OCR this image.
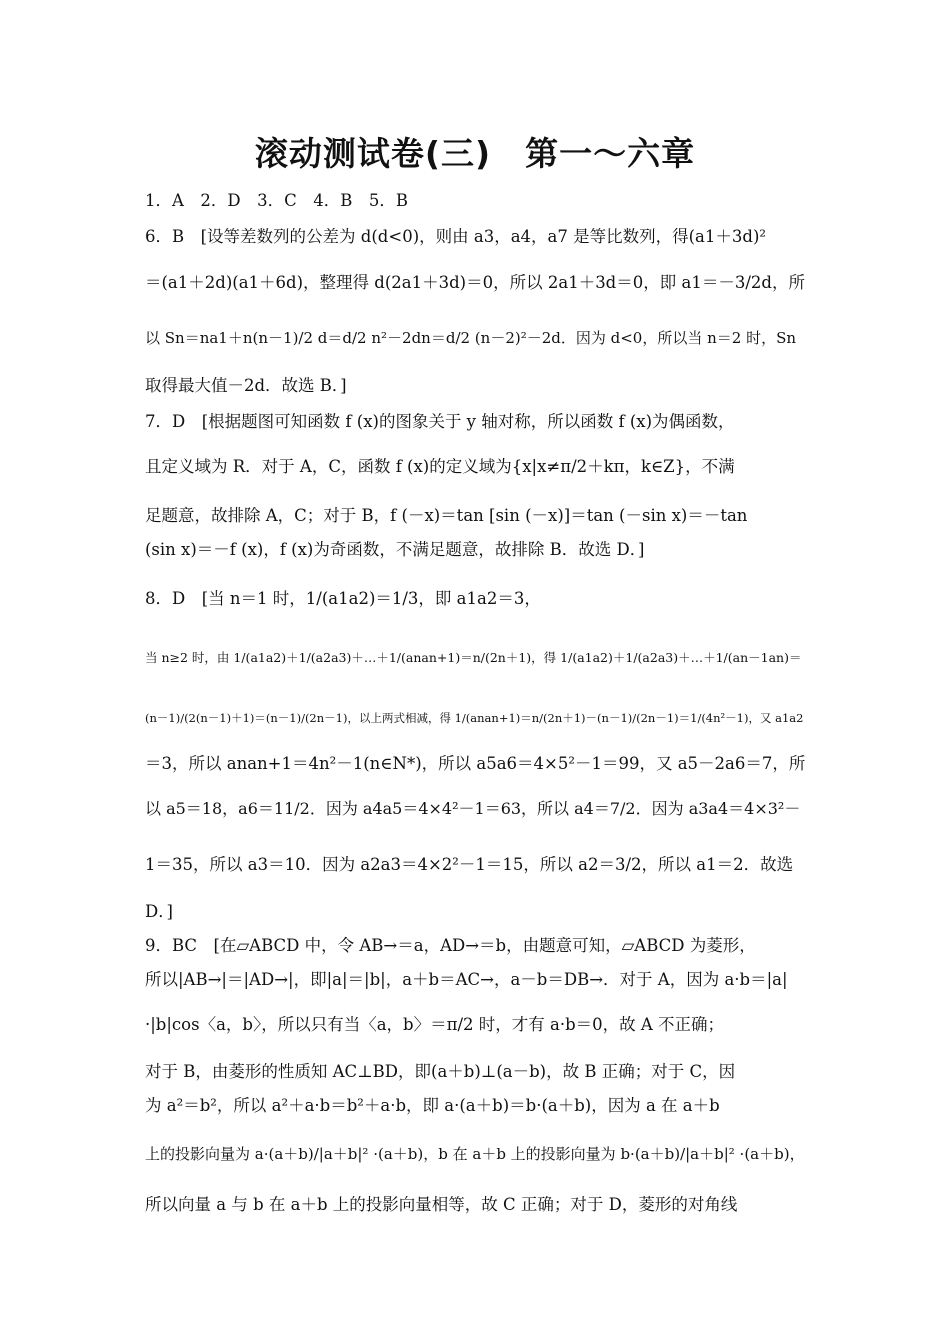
滚动测试卷(三)　第一～六章
1．A　2．D　3．C　4．B　5．B
6．B　[设等差数列的公差为 d(d<0)，则由 a3，a4，a7 是等比数列，得(a1＋3d)²
＝(a1＋2d)(a1＋6d)，整理得 d(2a1＋3d)＝0，所以 2a1＋3d＝0，即 a1＝－3/2d，所
以 Sn＝na1＋n(n－1)/2 d＝d/2 n²－2dn＝d/2 (n－2)²－2d．因为 d<0，所以当 n＝2 时，Sn
取得最大值－2d．故选 B．]
7．D　[根据题图可知函数 f (x)的图象关于 y 轴对称，所以函数 f (x)为偶函数，
且定义域为 R．对于 A，C，函数 f (x)的定义域为{x|x≠π/2＋kπ，k∈Z}，不满
足题意，故排除 A，C；对于 B，f (－x)＝tan [sin (－x)]＝tan (－sin x)＝－tan
(sin x)＝－f (x)，f (x)为奇函数，不满足题意，故排除 B．故选 D．]
8．D　[当 n＝1 时，1/(a1a2)＝1/3，即 a1a2＝3，
当 n≥2 时，由 1/(a1a2)＋1/(a2a3)＋…＋1/(anan+1)＝n/(2n＋1)，得 1/(a1a2)＋1/(a2a3)＋…＋1/(an－1an)＝
(n－1)/(2(n－1)＋1)＝(n－1)/(2n－1)，以上两式相减，得 1/(anan+1)＝n/(2n＋1)－(n－1)/(2n－1)＝1/(4n²－1)，又 a1a2
＝3，所以 anan+1＝4n²－1(n∈N*)，所以 a5a6＝4×5²－1＝99，又 a5－2a6＝7，所
以 a5＝18，a6＝11/2．因为 a4a5＝4×4²－1＝63，所以 a4＝7/2．因为 a3a4＝4×3²－
1＝35，所以 a3＝10．因为 a2a3＝4×2²－1＝15，所以 a2＝3/2，所以 a1＝2．故选
D．]
9．BC　[在▱ABCD 中，令 AB→＝a，AD→＝b，由题意可知，▱ABCD 为菱形，
所以|AB→|＝|AD→|，即|a|＝|b|，a＋b＝AC→，a－b＝DB→．对于 A，因为 a·b＝|a|
·|b|cos〈a，b〉，所以只有当〈a，b〉＝π/2 时，才有 a·b＝0，故 A 不正确；
对于 B，由菱形的性质知 AC⊥BD，即(a＋b)⊥(a－b)，故 B 正确；对于 C，因
为 a²＝b²，所以 a²＋a·b＝b²＋a·b，即 a·(a＋b)＝b·(a＋b)，因为 a 在 a＋b
上的投影向量为 a·(a＋b)/|a＋b|² ·(a＋b)，b 在 a＋b 上的投影向量为 b·(a＋b)/|a＋b|² ·(a＋b)，
所以向量 a 与 b 在 a＋b 上的投影向量相等，故 C 正确；对于 D，菱形的对角线
